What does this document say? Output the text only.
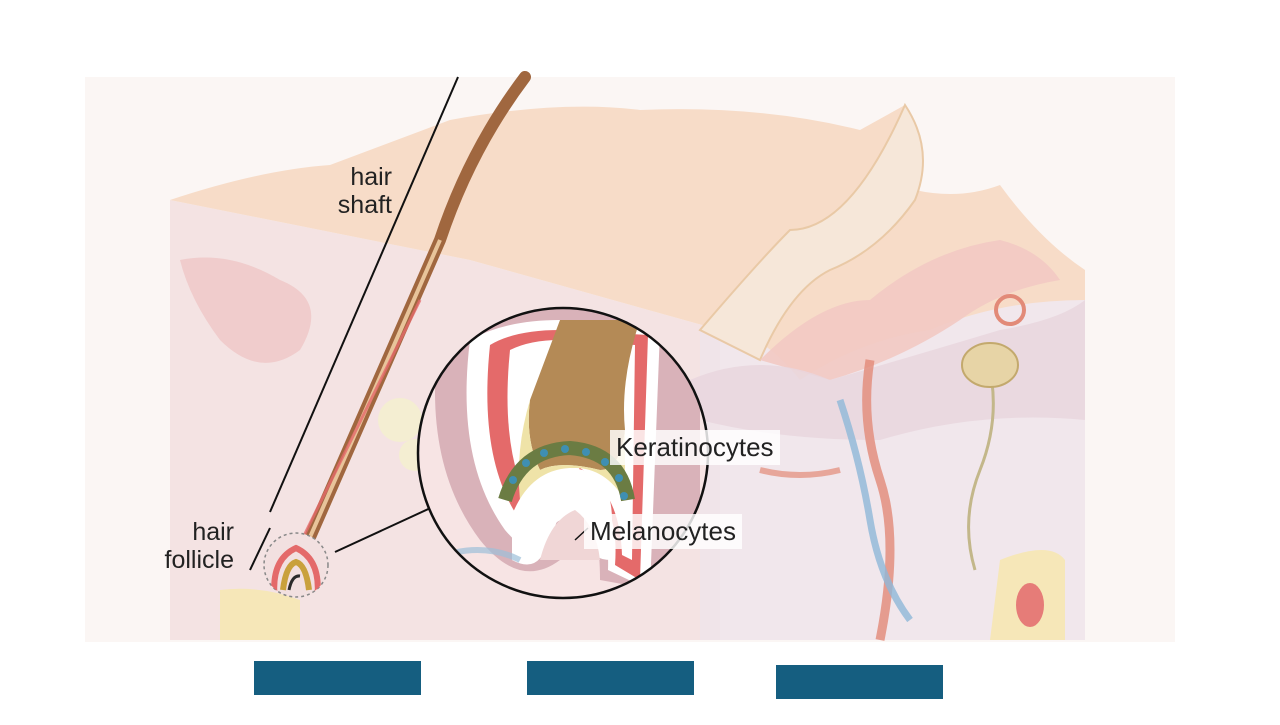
hair
shaft
hair
follicle
Keratinocytes
Melanocytes
